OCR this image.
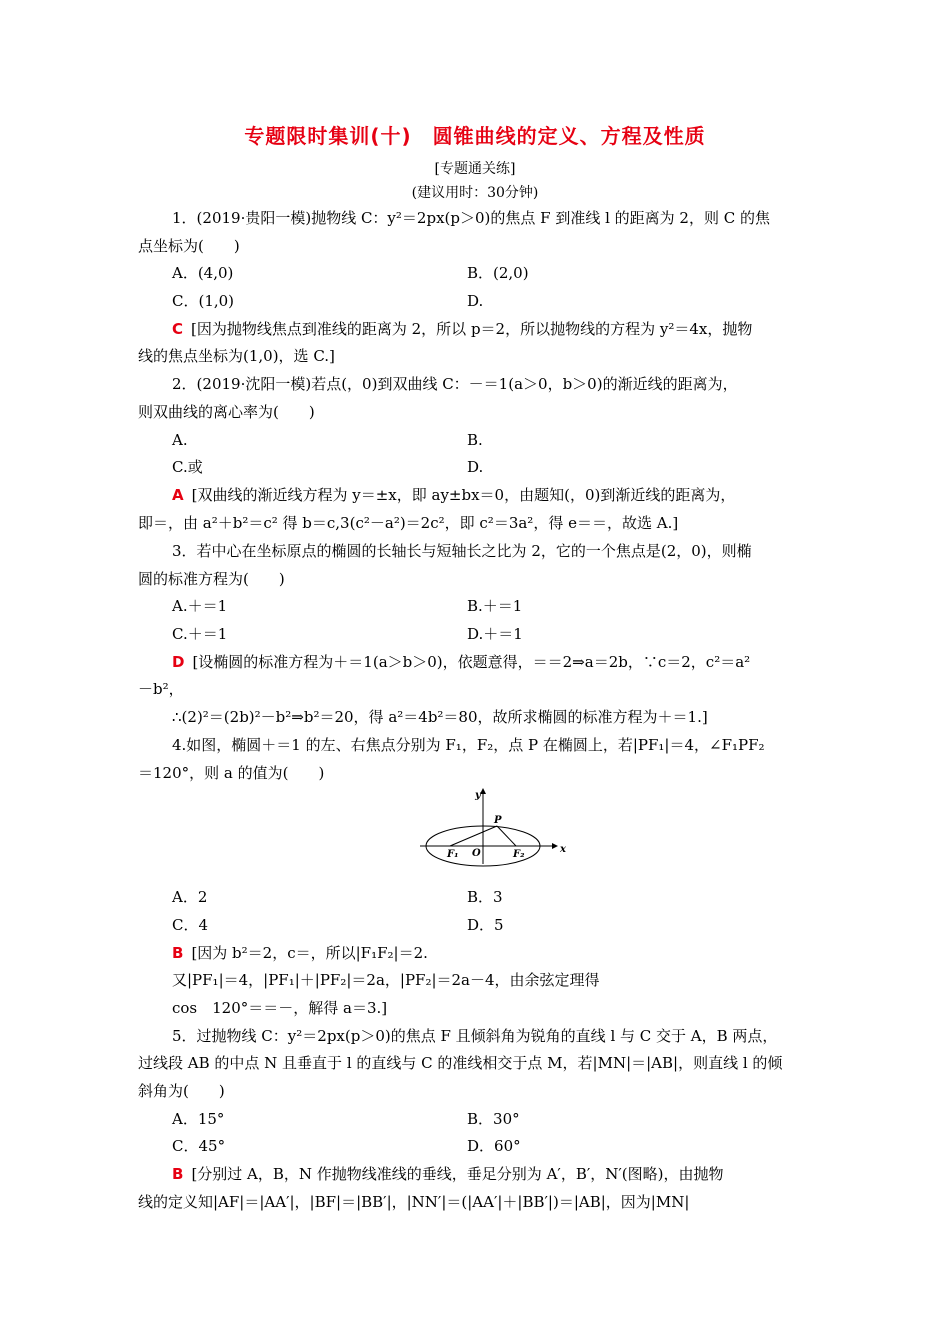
专题限时集训(十)　圆锥曲线的定义、方程及性质
[专题通关练]
(建议用时：30分钟)
1．(2019·贵阳一模)抛物线 C：y²＝2px(p＞0)的焦点 F 到准线 l 的距离为 2，则 C 的焦
点坐标为(　　)
A．(4,0)	B．(2,0)
C．(1,0)	D.
C [因为抛物线焦点到准线的距离为 2，所以 p＝2，所以抛物线的方程为 y²＝4x，抛物
线的焦点坐标为(1,0)，选 C.]
2．(2019·沈阳一模)若点(，0)到双曲线 C：－＝1(a＞0，b＞0)的渐近线的距离为，
则双曲线的离心率为(　　)
A.	B.
C.或	D.
A [双曲线的渐近线方程为 y＝±x，即 ay±bx＝0，由题知(，0)到渐近线的距离为，
即＝，由 a²＋b²＝c² 得 b＝c,3(c²－a²)＝2c²，即 c²＝3a²，得 e＝＝，故选 A.]
3．若中心在坐标原点的椭圆的长轴长与短轴长之比为 2，它的一个焦点是(2，0)，则椭
圆的标准方程为(　　)
A.＋＝1	B.＋＝1
C.＋＝1	D.＋＝1
D [设椭圆的标准方程为＋＝1(a＞b＞0)，依题意得，＝＝2⇒a＝2b，∵c＝2，c²＝a²
－b²，
∴(2)²＝(2b)²－b²⇒b²＝20，得 a²＝4b²＝80，故所求椭圆的标准方程为＋＝1.]
4.如图，椭圆＋＝1 的左、右焦点分别为 F₁，F₂，点 P 在椭圆上，若|PF₁|＝4，∠F₁PF₂
＝120°，则 a 的值为(　　)
y
x
P
O
F₁	F₂
A．2	B．3
C．4	D．5
B [因为 b²＝2，c＝，所以|F₁F₂|＝2.
又|PF₁|＝4，|PF₁|＋|PF₂|＝2a，|PF₂|＝2a－4，由余弦定理得
cos　120°＝＝－，解得 a＝3.]
5．过抛物线 C：y²＝2px(p＞0)的焦点 F 且倾斜角为锐角的直线 l 与 C 交于 A，B 两点，
过线段 AB 的中点 N 且垂直于 l 的直线与 C 的准线相交于点 M，若|MN|＝|AB|，则直线 l 的倾
斜角为(　　)
A．15°	B．30°
C．45°	D．60°
B [分别过 A，B，N 作抛物线准线的垂线，垂足分别为 A′，B′，N′(图略)，由抛物
线的定义知|AF|＝|AA′|，|BF|＝|BB′|，|NN′|＝(|AA′|＋|BB′|)＝|AB|，因为|MN|
